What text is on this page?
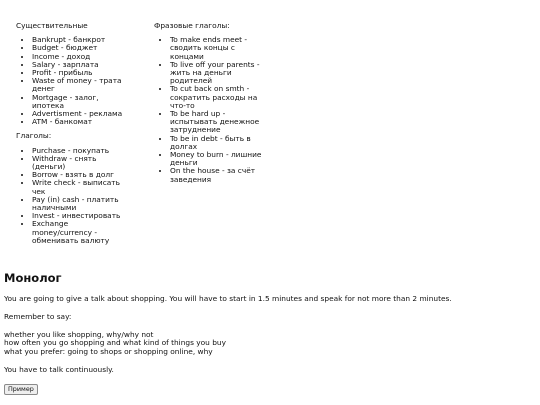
Существительные

• Bankrupt - банкрот
• Budget - бюджет
• Income - доход
• Salary - зарплата
• Profit - прибыль
• Waste of money - трата денег
• Mortgage - залог, ипотека
• Advertisment - реклама
• ATM - банкомат

Глаголы:

• Purchase - покупать
• Withdraw - снять (деньги)
• Borrow - взять в долг
• Write check - выписать чек
• Pay (in) cash - платить наличными
• Invest - инвестировать
• Exchange money/currency - обменивать валюту

Фразовые глаголы:

• To make ends meet - сводить концы с концами
• To live off your parents - жить на деньги родителей
• To cut back on smth - сократить расходы на что-то
• To be hard up - испытывать денежное затруднение
• To be in debt - быть в долгах
• Money to burn - лишние деньги
• On the house - за счёт заведения
Монолог

You are going to give a talk about shopping. You will have to start in 1.5 minutes and speak for not more than 2 minutes.

Remember to say:

whether you like shopping, why/why not
how often you go shopping and what kind of things you buy
what you prefer: going to shops or shopping online, why

You have to talk continuously.

Пример
